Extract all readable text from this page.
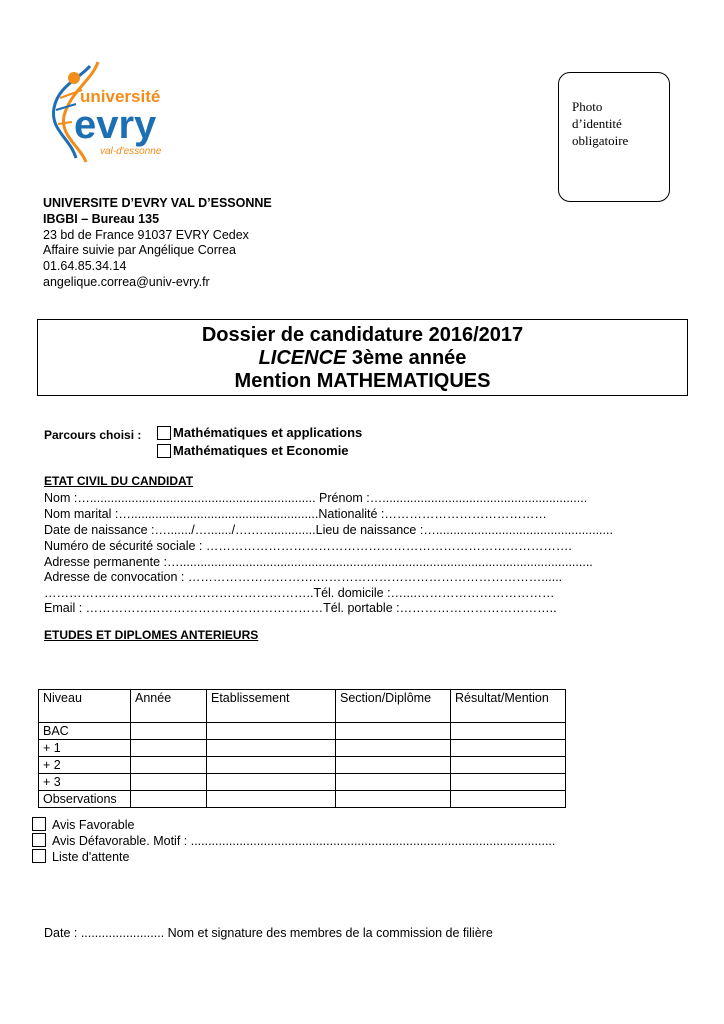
université
evry
val-d'essonne
Photo
d’identité
obligatoire
UNIVERSITE D’EVRY VAL D’ESSONNE
IBGBI – Bureau 135
23 bd de France 91037 EVRY Cedex
Affaire suivie par Angélique Correa
01.64.85.34.14
angelique.correa@univ-evry.fr
Dossier de candidature 2016/2017
LICENCE 3ème année
Mention MATHEMATIQUES
Parcours choisi : Mathématiques et applications
Mathématiques et Economie
ETAT CIVIL DU CANDIDAT
Nom :…................................................................. Prénom :…...........................................................
Nom marital :…......................................................Nationalité :…………………………………
Date de naissance :…......./…......./….…...............Lieu de naissance :…...................................................
Numéro de sécurité sociale : …………………………………………………………………………….
Adresse permanente :….......................................................................................................................
Adresse de convocation : ………………………….………………………………………………......
………………………………………………………..Tél. domicile :…....……………………………
Email : …………………………………………………Tél. portable :………………………………..
ETUDES ET DIPLOMES ANTERIEURS
Niveau	Année	Etablissement	Section/Diplôme	Résultat/Mention
BAC				
+ 1				
+ 2				
+ 3				
Observations				
Avis Favorable
Avis Défavorable. Motif : .........................................................................................................
Liste d'attente
Date : ........................ Nom et signature des membres de la commission de filière
